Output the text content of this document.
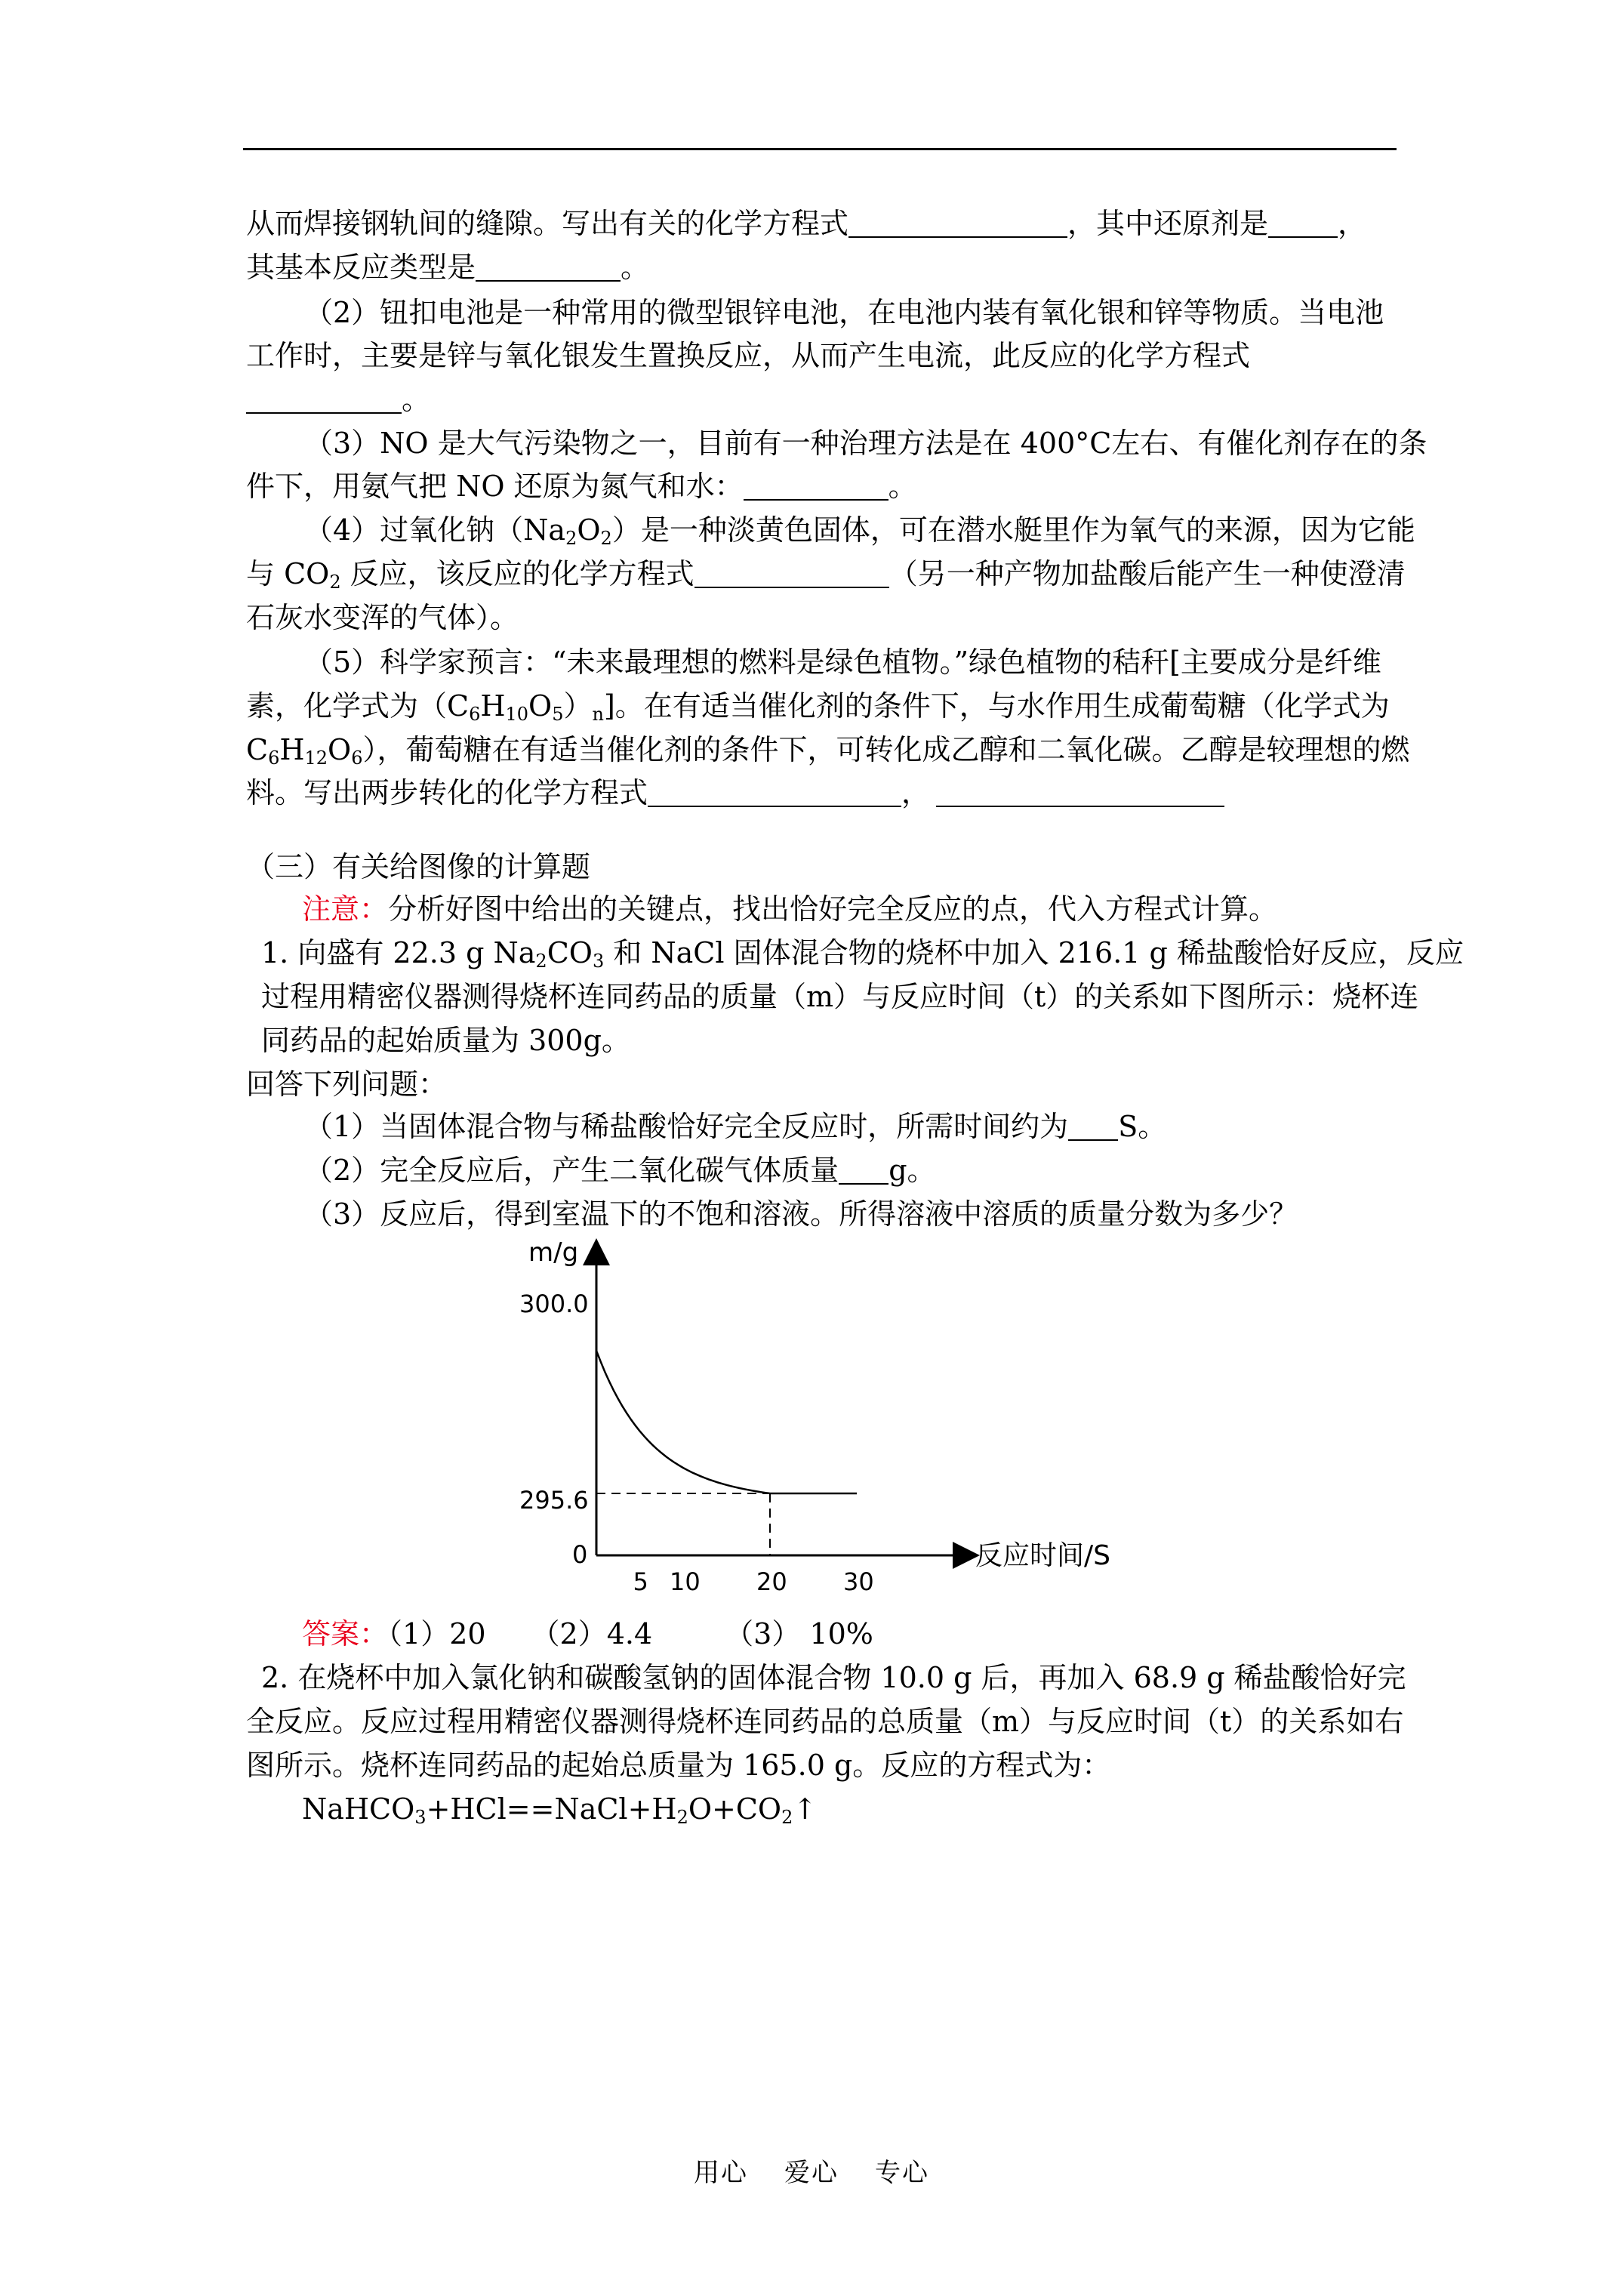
从而焊接钢轨间的缝隙。写出有关的化学方程式	，其中还原剂是 ，
其基本反应类型是	。
（2）钮扣电池是一种常用的微型银锌电池，在电池内装有氧化银和锌等物质。当电池
工作时，主要是锌与氧化银发生置换反应，从而产生电流，此反应的化学方程式
。
（3）NO 是大气污染物之一，目前有一种治理方法是在 400°C左右、有催化剂存在的条
件下，用氨气把 NO 还原为氮气和水：	。
（4）过氧化钠$(Na_2O_2)$是一种淡黄色固体，可在潜水艇里作为氧气的来源，因为它能
与 $CO_2$ 反应，该反应的化学方程式	（另一种产物加盐酸后能产生一种使澄清
石灰水变浑的气体）。
（5）科学家预言：“未来最理想的燃料是绿色植物。”绿色植物的秸秆[主要成分是纤维
素，化学式为$(C_6H_{10}O_5)_n$]。在有适当催化剂的条件下，与水作用生成葡萄糖（化学式为
$C_6H_{12}O_6$），葡萄糖在有适当催化剂的条件下，可转化成乙醇和二氧化碳。乙醇是较理想的燃
料。写出两步转化的化学方程式	，
（三）有关给图像的计算题
注意：分析好图中给出的关键点，找出恰好完全反应的点，代入方程式计算。
1. 向盛有 22.3 g $Na_2CO_3$ 和 NaCl 固体混合物的烧杯中加入 216.1 g 稀盐酸恰好反应，反应
过程用精密仪器测得烧杯连同药品的质量（m）与反应时间（t）的关系如下图所示：烧杯连
同药品的起始质量为 300g。
回答下列问题：
（1）当固体混合物与稀盐酸恰好完全反应时，所需时间约为 S。
（2）完全反应后，产生二氧化碳气体质量 g。
（3）反应后，得到室温下的不饱和溶液。所得溶液中溶质的质量分数为多少？
m/g
300.0
295.6
0
5 10 20 30
反应时间/S
答案：（1）20 （2）4.4	（3） 10%
2. 在烧杯中加入氯化钠和碳酸氢钠的固体混合物 10.0 g 后，再加入 68.9 g 稀盐酸恰好完
全反应。反应过程用精密仪器测得烧杯连同药品的总质量（m）与反应时间（t）的关系如右
图所示。烧杯连同药品的起始总质量为 165.0 g。反应的方程式为：
$NaHCO_3+HCl==NaCl+H_2O+CO_2↑$
用心 爱心 专心
